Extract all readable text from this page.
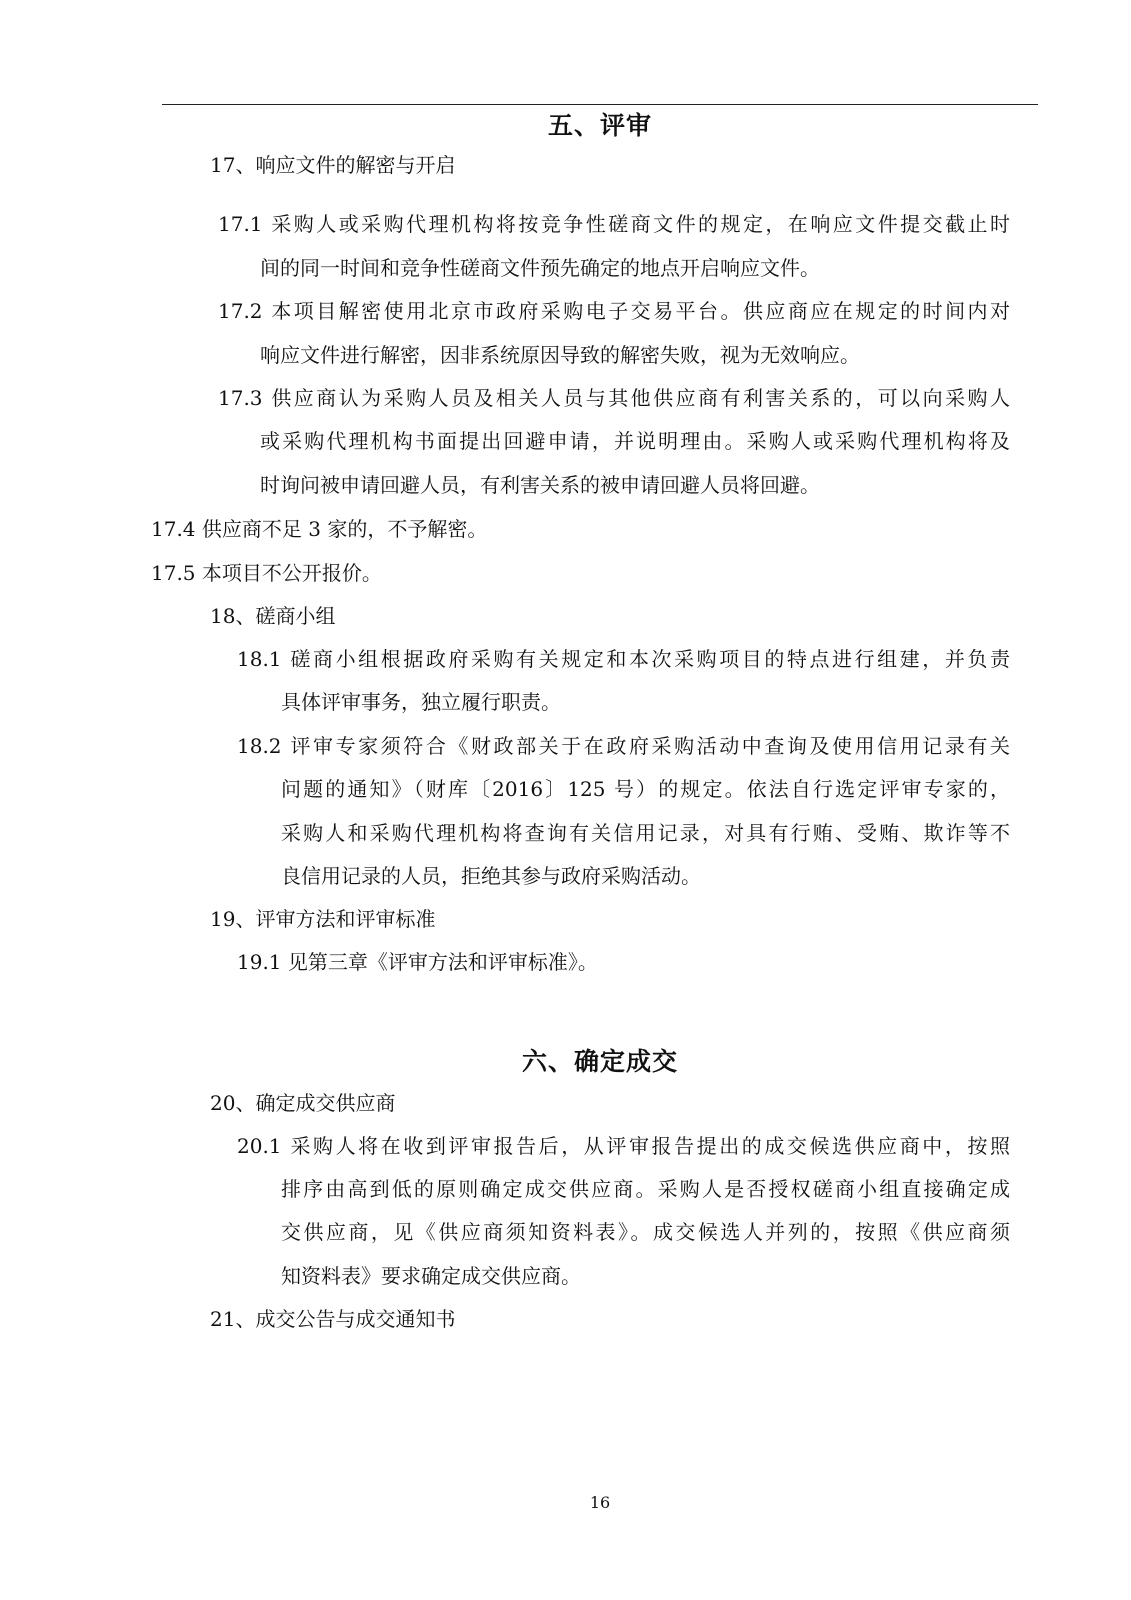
五、评审
17、响应文件的解密与开启
17.1 采购人或采购代理机构将按竞争性磋商文件的规定，在响应文件提交截止时
间的同一时间和竞争性磋商文件预先确定的地点开启响应文件。
17.2 本项目解密使用北京市政府采购电子交易平台。供应商应在规定的时间内对
响应文件进行解密，因非系统原因导致的解密失败，视为无效响应。
17.3 供应商认为采购人员及相关人员与其他供应商有利害关系的，可以向采购人
或采购代理机构书面提出回避申请，并说明理由。采购人或采购代理机构将及
时询问被申请回避人员，有利害关系的被申请回避人员将回避。
17.4 供应商不足 3 家的，不予解密。
17.5 本项目不公开报价。
18、磋商小组
18.1 磋商小组根据政府采购有关规定和本次采购项目的特点进行组建，并负责
具体评审事务，独立履行职责。
18.2 评审专家须符合《财政部关于在政府采购活动中查询及使用信用记录有关
问题的通知》（财库〔2016〕125 号）的规定。依法自行选定评审专家的，
采购人和采购代理机构将查询有关信用记录，对具有行贿、受贿、欺诈等不
良信用记录的人员，拒绝其参与政府采购活动。
19、评审方法和评审标准
19.1 见第三章《评审方法和评审标准》。
六、确定成交
20、确定成交供应商
20.1 采购人将在收到评审报告后，从评审报告提出的成交候选供应商中，按照
排序由高到低的原则确定成交供应商。采购人是否授权磋商小组直接确定成
交供应商，见《供应商须知资料表》。成交候选人并列的，按照《供应商须
知资料表》要求确定成交供应商。
21、成交公告与成交通知书
16
